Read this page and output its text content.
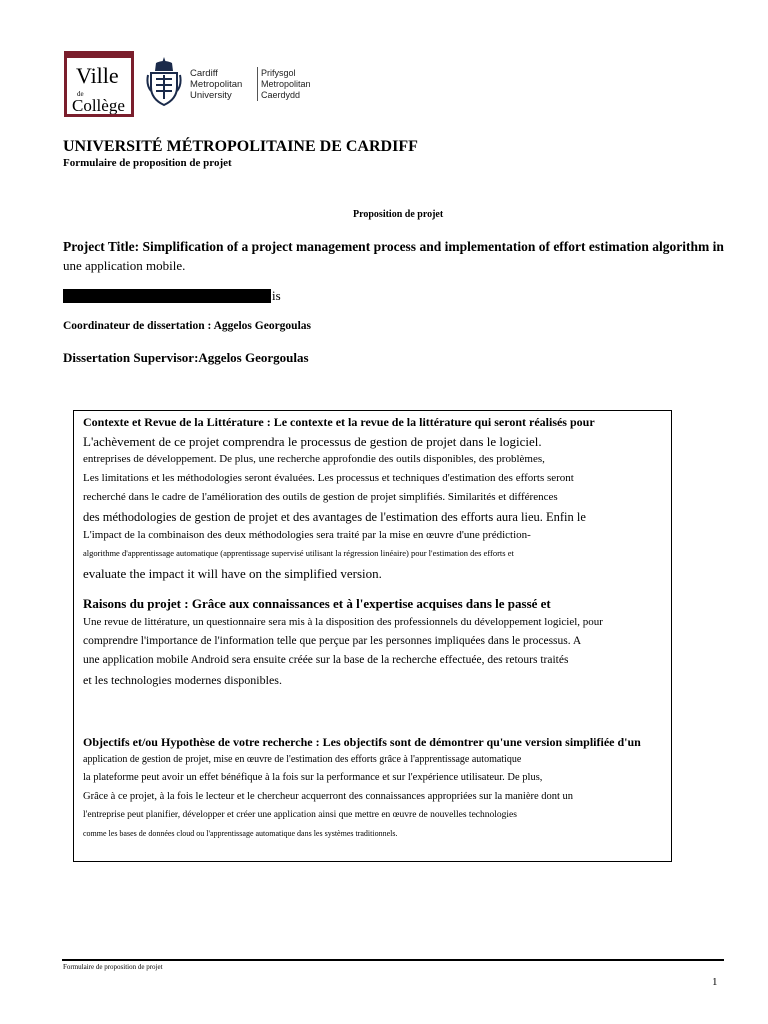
Ville
de
Collège
Cardiff
Metropolitan
University
Prifysgol
Metropolitan
Caerdydd
UNIVERSITÉ MÉTROPOLITAINE DE CARDIFF
Formulaire de proposition de projet
Proposition de projet
Project Title: Simplification of a project management process and implementation of effort estimation algorithm in
une application mobile.
is
Coordinateur de dissertation : Aggelos Georgoulas
Dissertation Supervisor:Aggelos Georgoulas
Contexte et Revue de la Littérature : Le contexte et la revue de la littérature qui seront réalisés pour
L'achèvement de ce projet comprendra le processus de gestion de projet dans le logiciel.
entreprises de développement. De plus, une recherche approfondie des outils disponibles, des problèmes,
Les limitations et les méthodologies seront évaluées. Les processus et techniques d'estimation des efforts seront
recherché dans le cadre de l'amélioration des outils de gestion de projet simplifiés. Similarités et différences
des méthodologies de gestion de projet et des avantages de l'estimation des efforts aura lieu. Enfin le
L'impact de la combinaison des deux méthodologies sera traité par la mise en œuvre d'une prédiction-
algorithme d'apprentissage automatique (apprentissage supervisé utilisant la régression linéaire) pour l'estimation des efforts et
evaluate the impact it will have on the simplified version.
Raisons du projet : Grâce aux connaissances et à l'expertise acquises dans le passé et
Une revue de littérature, un questionnaire sera mis à la disposition des professionnels du développement logiciel, pour
comprendre l'importance de l'information telle que perçue par les personnes impliquées dans le processus. A
une application mobile Android sera ensuite créée sur la base de la recherche effectuée, des retours traités
et les technologies modernes disponibles.
Objectifs et/ou Hypothèse de votre recherche : Les objectifs sont de démontrer qu'une version simplifiée d'un
application de gestion de projet, mise en œuvre de l'estimation des efforts grâce à l'apprentissage automatique
la plateforme peut avoir un effet bénéfique à la fois sur la performance et sur l'expérience utilisateur. De plus,
Grâce à ce projet, à la fois le lecteur et le chercheur acquerront des connaissances appropriées sur la manière dont un
l'entreprise peut planifier, développer et créer une application ainsi que mettre en œuvre de nouvelles technologies
comme les bases de données cloud ou l'apprentissage automatique dans les systèmes traditionnels.
Formulaire de proposition de projet
1
